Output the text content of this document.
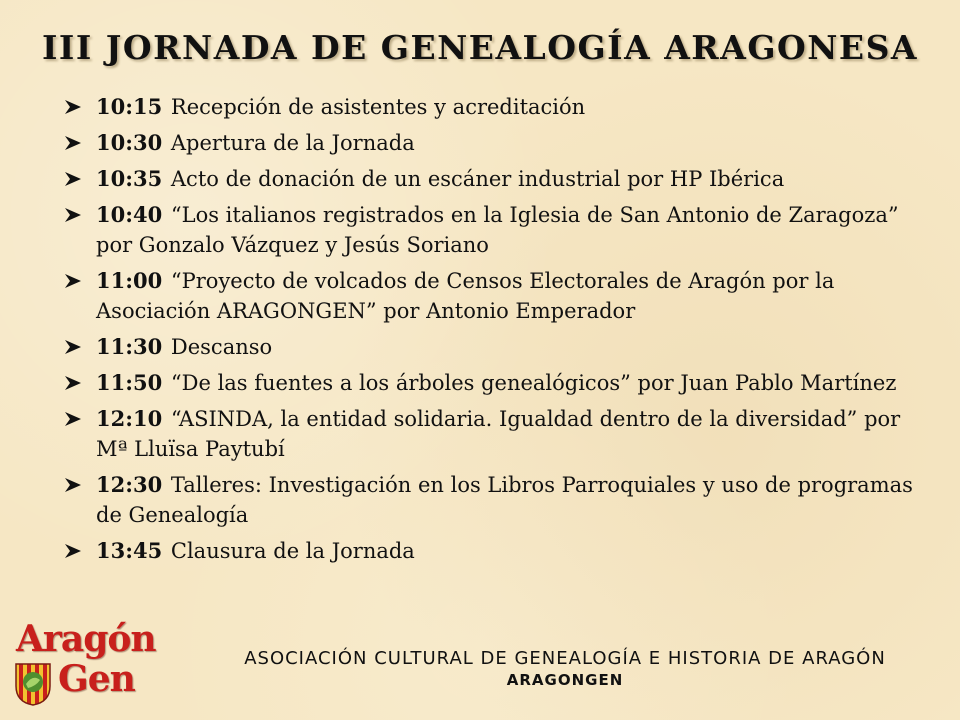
III JORNADA DE GENEALOGÍA ARAGONESA
10:15 Recepción de asistentes y acreditación
10:30 Apertura de la Jornada
10:35 Acto de donación de un escáner industrial por HP Ibérica
10:40 “Los italianos registrados en la Iglesia de San Antonio de Zaragoza” por Gonzalo Vázquez y Jesús Soriano
11:00 “Proyecto de volcados de Censos Electorales de Aragón por la Asociación ARAGONGEN” por Antonio Emperador
11:30 Descanso
11:50 “De las fuentes a los árboles genealógicos” por Juan Pablo Martínez
12:10 “ASINDA, la entidad solidaria. Igualdad dentro de la diversidad” por Mª Lluïsa Paytubí
12:30 Talleres: Investigación en los Libros Parroquiales y uso de programas de Genealogía
13:45 Clausura de la Jornada
Aragón
Gen	ASOCIACIÓN CULTURAL DE GENEALOGÍA E HISTORIA DE ARAGÓN
ARAGONGEN
